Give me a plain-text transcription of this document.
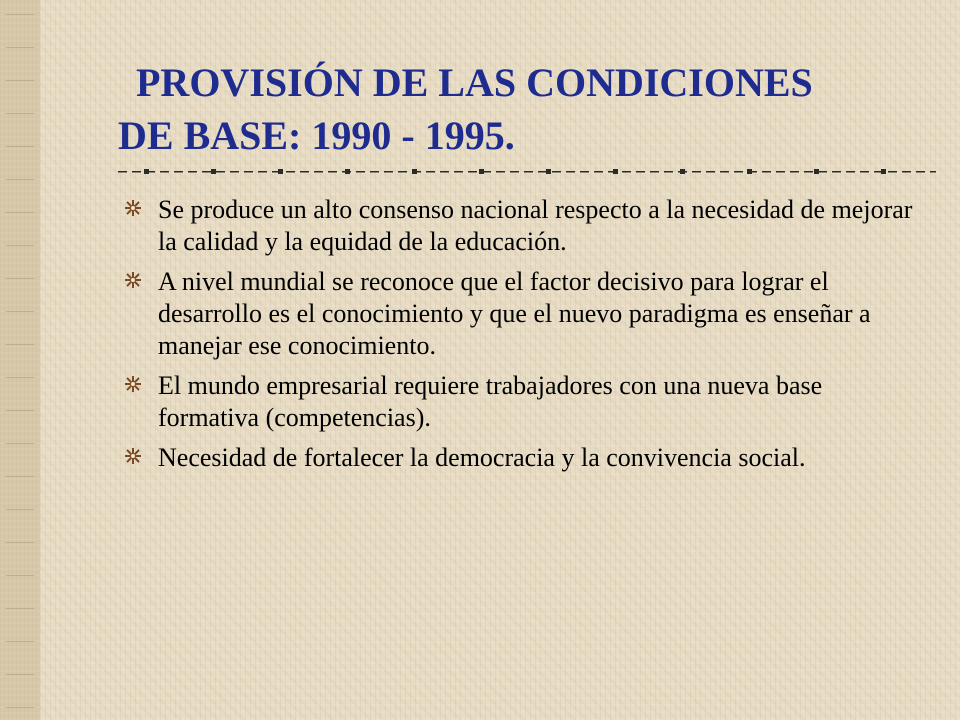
PROVISIÓN DE LAS CONDICIONES
DE BASE: 1990 - 1995.
Se produce un alto consenso nacional respecto a la necesidad de mejorar la calidad y la equidad de la educación.
A nivel mundial se reconoce que el factor decisivo para lograr el desarrollo es el conocimiento y que el nuevo paradigma es enseñar a manejar ese conocimiento.
El mundo empresarial requiere trabajadores con una nueva base formativa (competencias).
Necesidad de fortalecer la democracia y la convivencia social.
